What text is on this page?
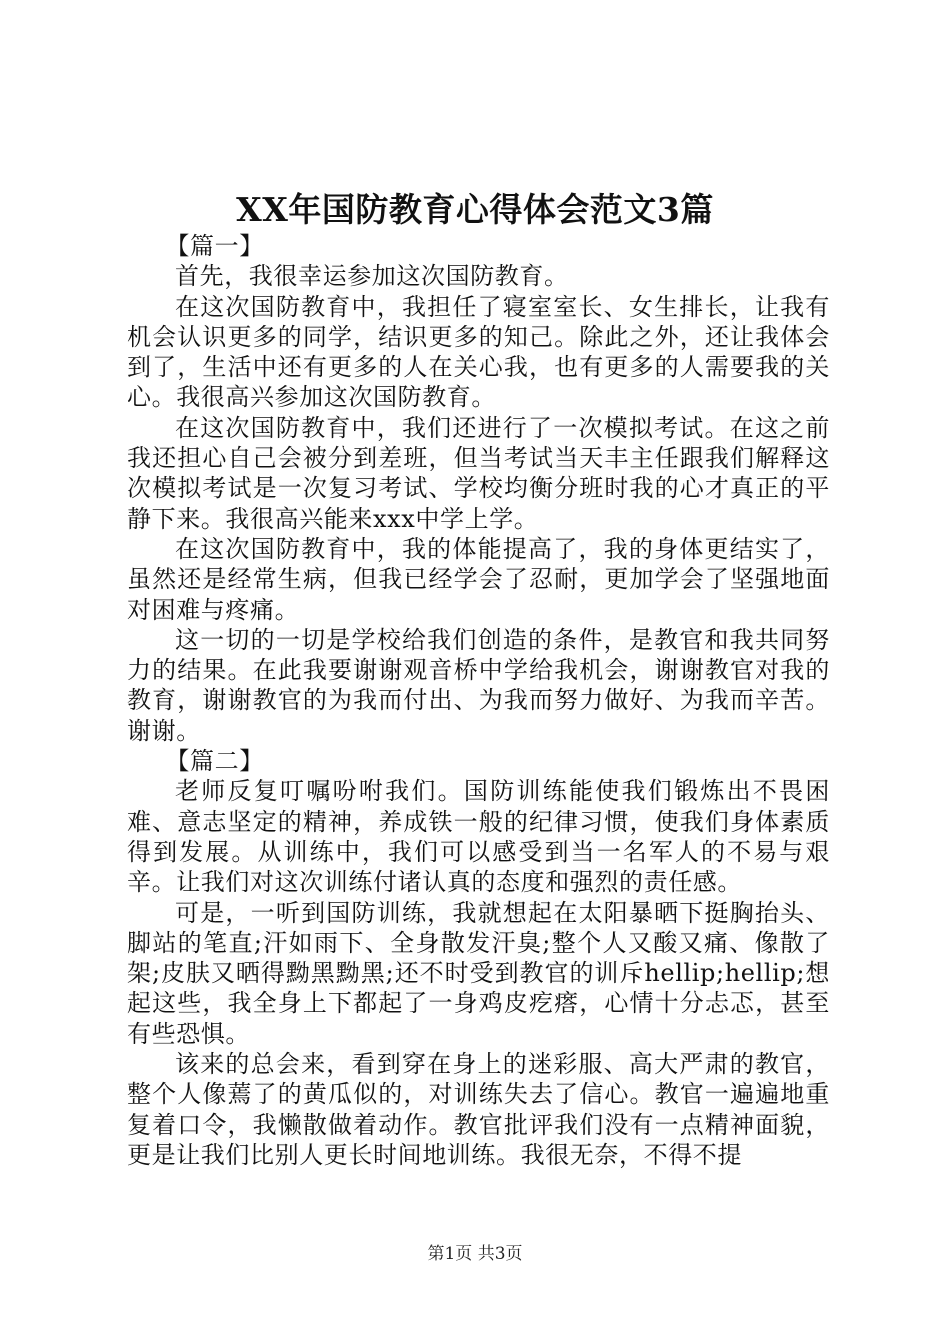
XX年国防教育心得体会范文3篇

【篇一】

首先，我很幸运参加这次国防教育。

在这次国防教育中，我担任了寝室室长、女生排长，让我有机会认识更多的同学，结识更多的知己。除此之外，还让我体会到了，生活中还有更多的人在关心我，也有更多的人需要我的关心。我很高兴参加这次国防教育。

在这次国防教育中，我们还进行了一次模拟考试。在这之前我还担心自己会被分到差班，但当考试当天丰主任跟我们解释这次模拟考试是一次复习考试、学校均衡分班时我的心才真正的平静下来。我很高兴能来xxx中学上学。

在这次国防教育中，我的体能提高了，我的身体更结实了，虽然还是经常生病，但我已经学会了忍耐，更加学会了坚强地面对困难与疼痛。

这一切的一切是学校给我们创造的条件，是教官和我共同努力的结果。在此我要谢谢观音桥中学给我机会，谢谢教官对我的教育，谢谢教官的为我而付出、为我而努力做好、为我而辛苦。谢谢。

【篇二】

老师反复叮嘱吩咐我们。国防训练能使我们锻炼出不畏困难、意志坚定的精神，养成铁一般的纪律习惯，使我们身体素质得到发展。从训练中，我们可以感受到当一名军人的不易与艰辛。让我们对这次训练付诸认真的态度和强烈的责任感。

可是，一听到国防训练，我就想起在太阳暴晒下挺胸抬头、脚站的笔直;汗如雨下、全身散发汗臭;整个人又酸又痛、像散了架;皮肤又晒得黝黑黝黑;还不时受到教官的训斥hellip;hellip;想起这些，我全身上下都起了一身鸡皮疙瘩，心情十分忐忑，甚至有些恐惧。

该来的总会来，看到穿在身上的迷彩服、高大严肃的教官，整个人像蔫了的黄瓜似的，对训练失去了信心。教官一遍遍地重复着口令，我懒散做着动作。教官批评我们没有一点精神面貌，更是让我们比别人更长时间地训练。我很无奈，不得不提

第1页 共3页
